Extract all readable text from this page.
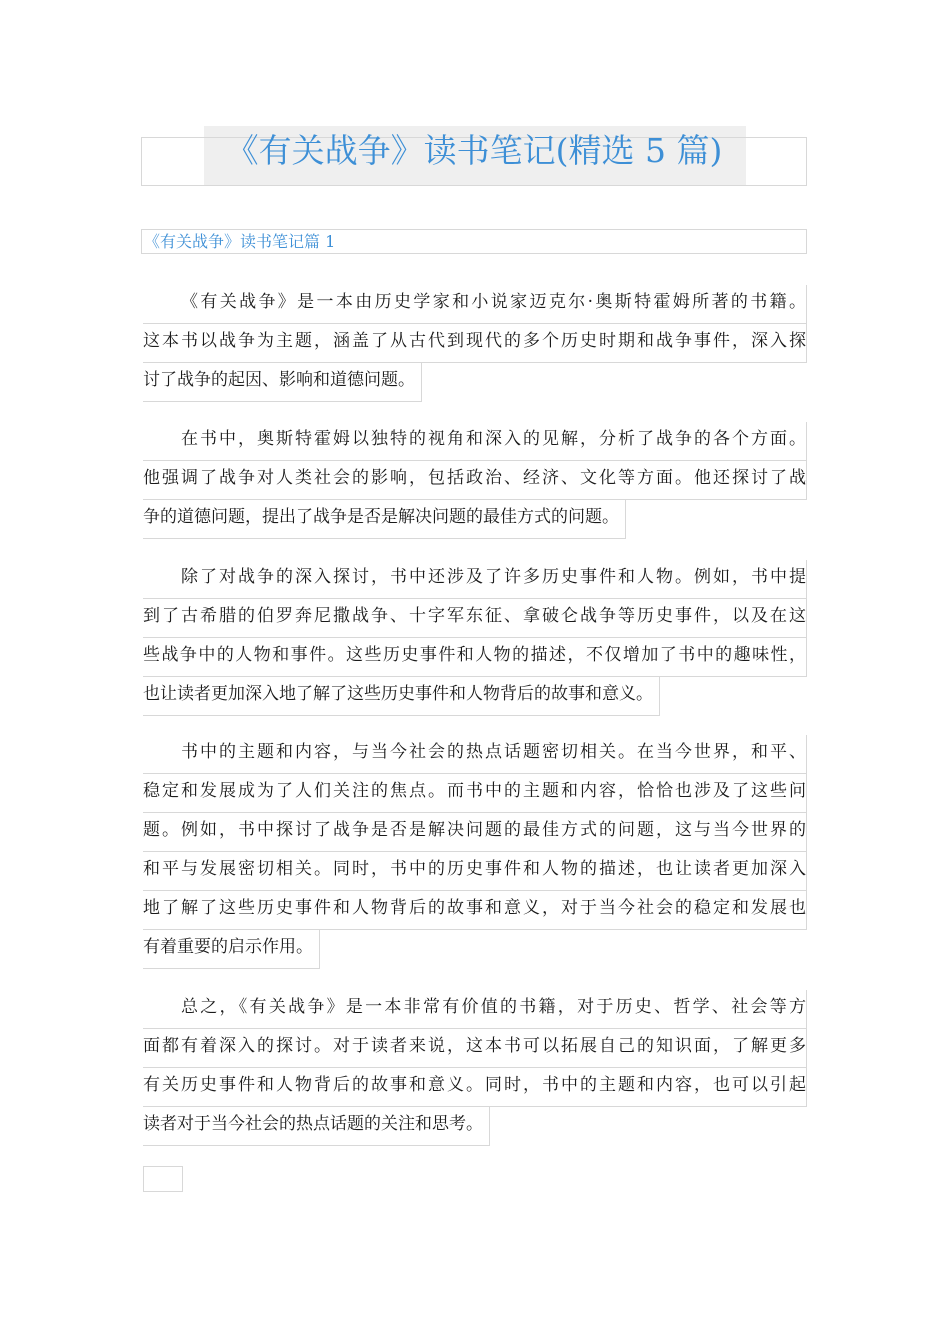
《有关战争》读书笔记(精选 5 篇)
《有关战争》读书笔记篇 1
《有关战争》是一本由历史学家和小说家迈克尔·奥斯特霍姆所著的书籍。
这本书以战争为主题，涵盖了从古代到现代的多个历史时期和战争事件，深入探
讨了战争的起因、影响和道德问题。
在书中，奥斯特霍姆以独特的视角和深入的见解，分析了战争的各个方面。
他强调了战争对人类社会的影响，包括政治、经济、文化等方面。他还探讨了战
争的道德问题，提出了战争是否是解决问题的最佳方式的问题。
除了对战争的深入探讨，书中还涉及了许多历史事件和人物。例如，书中提
到了古希腊的伯罗奔尼撒战争、十字军东征、拿破仑战争等历史事件，以及在这
些战争中的人物和事件。这些历史事件和人物的描述，不仅增加了书中的趣味性，
也让读者更加深入地了解了这些历史事件和人物背后的故事和意义。
书中的主题和内容，与当今社会的热点话题密切相关。在当今世界，和平、
稳定和发展成为了人们关注的焦点。而书中的主题和内容，恰恰也涉及了这些问
题。例如，书中探讨了战争是否是解决问题的最佳方式的问题，这与当今世界的
和平与发展密切相关。同时，书中的历史事件和人物的描述，也让读者更加深入
地了解了这些历史事件和人物背后的故事和意义，对于当今社会的稳定和发展也
有着重要的启示作用。
总之，《有关战争》是一本非常有价值的书籍，对于历史、哲学、社会等方
面都有着深入的探讨。对于读者来说，这本书可以拓展自己的知识面，了解更多
有关历史事件和人物背后的故事和意义。同时，书中的主题和内容，也可以引起
读者对于当今社会的热点话题的关注和思考。
